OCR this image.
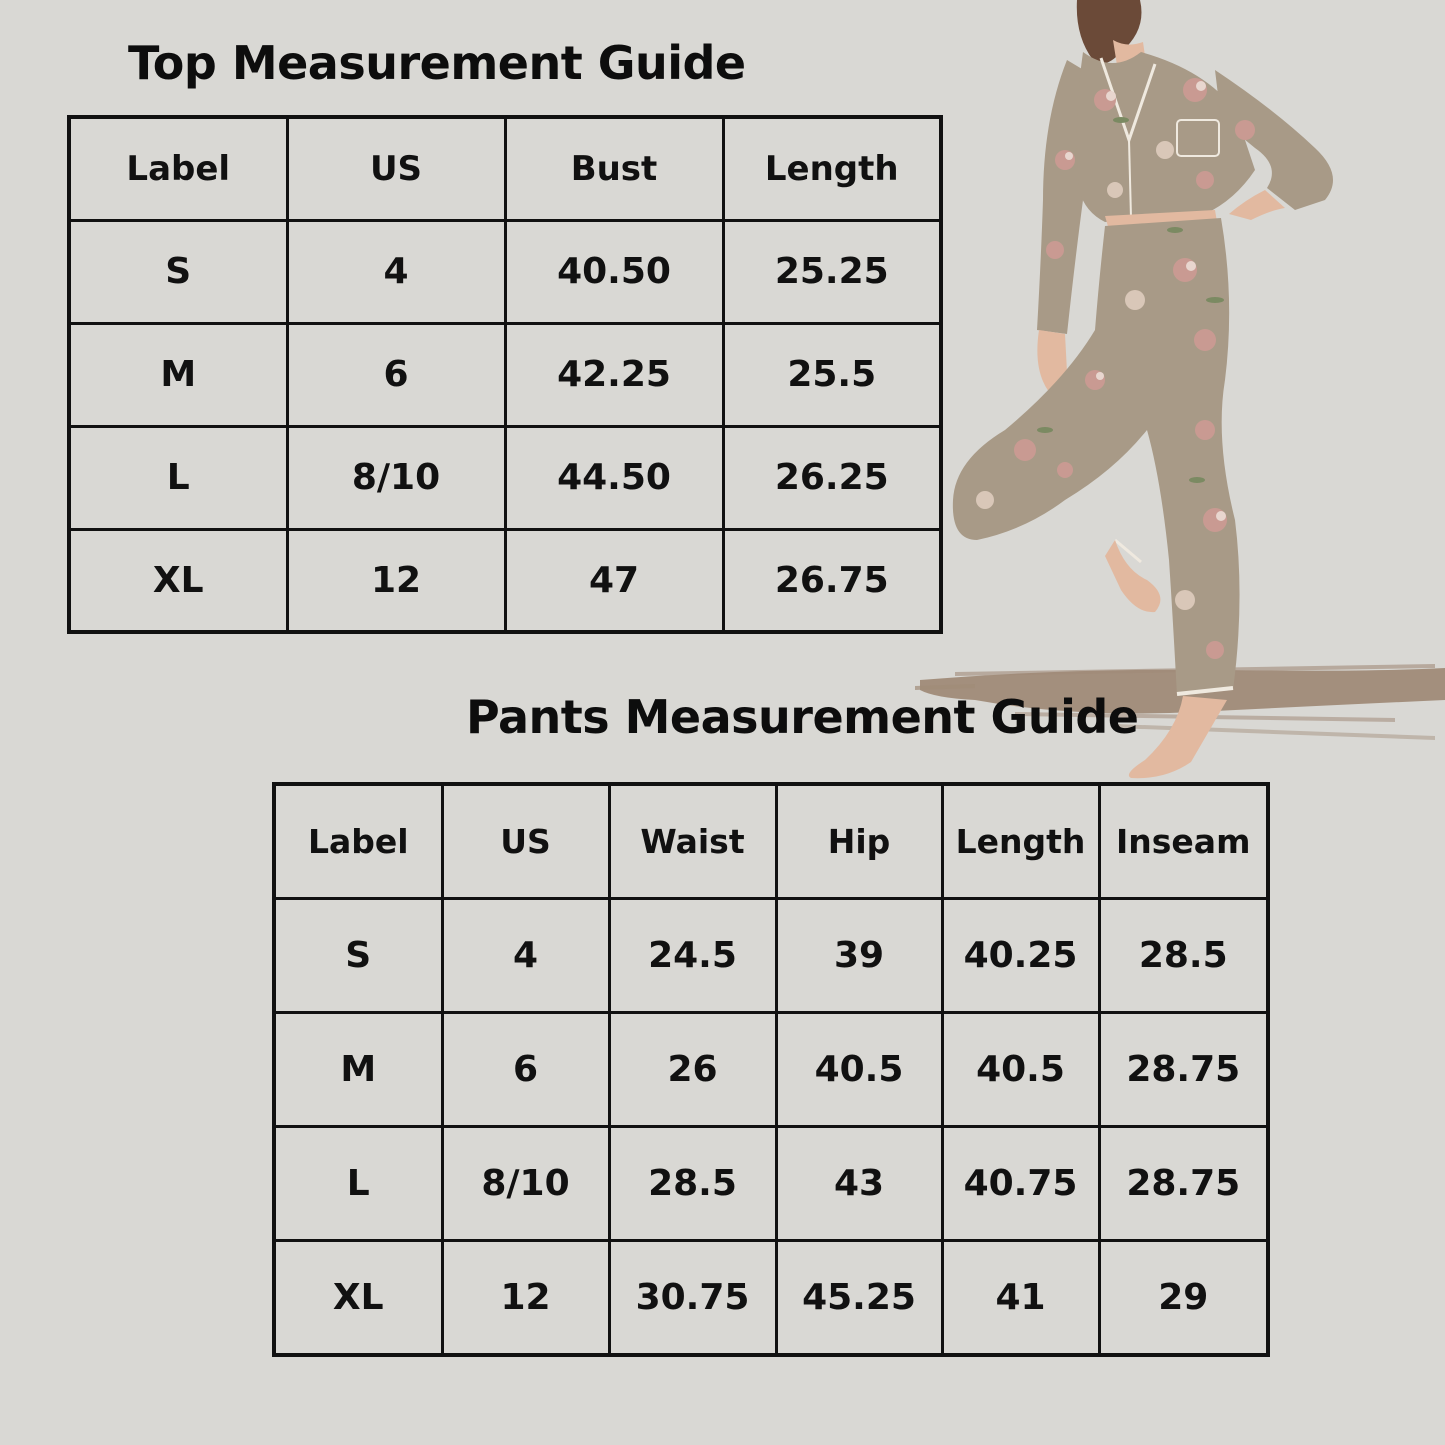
Top Measurement Guide
Label	US	Bust	Length
S	4	40.50	25.25
M	6	42.25	25.5
L	8/10	44.50	26.25
XL	12	47	26.75
Pants Measurement Guide
Label	US	Waist	Hip	Length	Inseam
S	4	24.5	39	40.25	28.5
M	6	26	40.5	40.5	28.75
L	8/10	28.5	43	40.75	28.75
XL	12	30.75	45.25	41	29
